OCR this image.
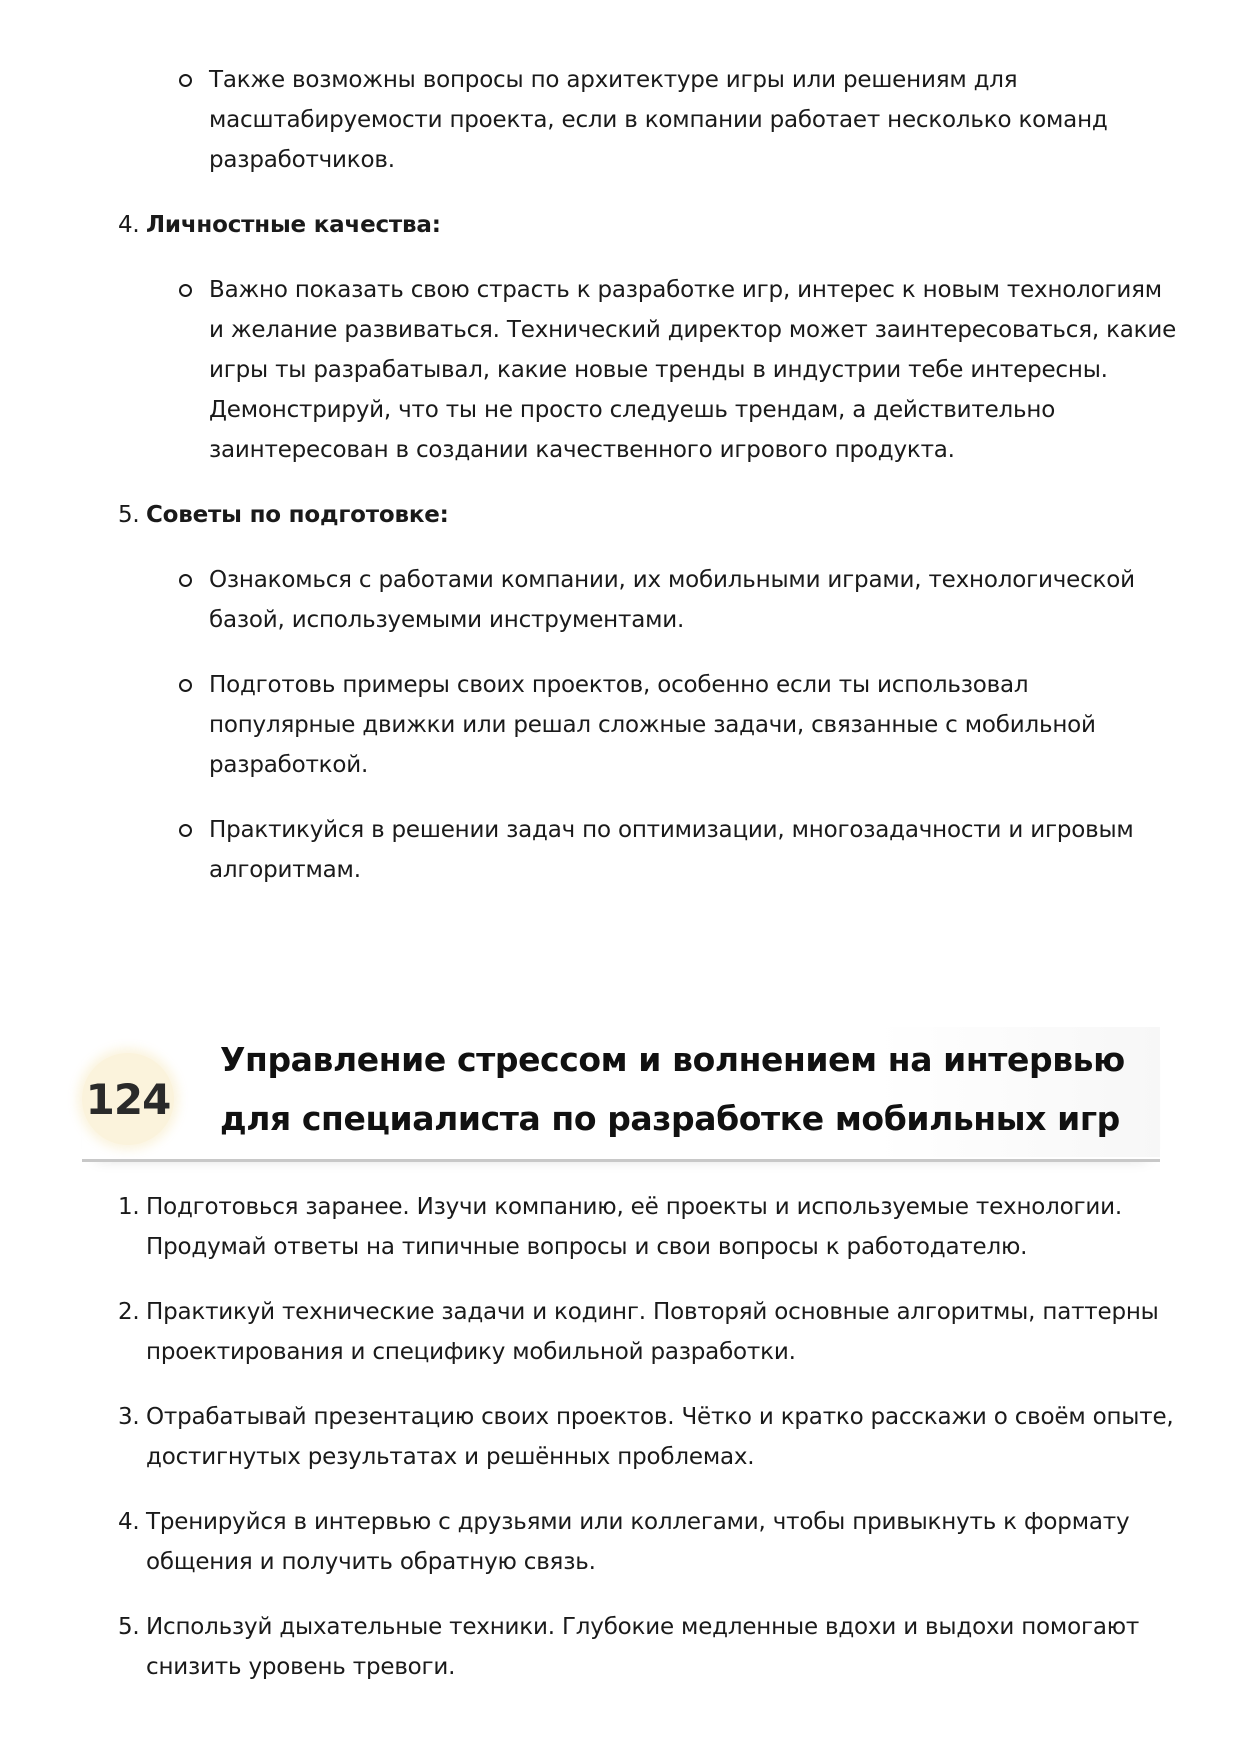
Также возможны вопросы по архитектуре игры или решениям для масштабируемости проекта, если в компании работает несколько команд разработчиков.
4. Личностные качества:
Важно показать свою страсть к разработке игр, интерес к новым технологиям и желание развиваться. Технический директор может заинтересоваться, какие игры ты разрабатывал, какие новые тренды в индустрии тебе интересны. Демонстрируй, что ты не просто следуешь трендам, а действительно заинтересован в создании качественного игрового продукта.
5. Советы по подготовке:
Ознакомься с работами компании, их мобильными играми, технологической базой, используемыми инструментами.
Подготовь примеры своих проектов, особенно если ты использовал популярные движки или решал сложные задачи, связанные с мобильной разработкой.
Практикуйся в решении задач по оптимизации, многозадачности и игровым алгоритмам.
124
Управление стрессом и волнением на интервью для специалиста по разработке мобильных игр
1. Подготовься заранее. Изучи компанию, её проекты и используемые технологии. Продумай ответы на типичные вопросы и свои вопросы к работодателю.
2. Практикуй технические задачи и кодинг. Повторяй основные алгоритмы, паттерны проектирования и специфику мобильной разработки.
3. Отрабатывай презентацию своих проектов. Чётко и кратко расскажи о своём опыте, достигнутых результатах и решённых проблемах.
4. Тренируйся в интервью с друзьями или коллегами, чтобы привыкнуть к формату общения и получить обратную связь.
5. Используй дыхательные техники. Глубокие медленные вдохи и выдохи помогают снизить уровень тревоги.
